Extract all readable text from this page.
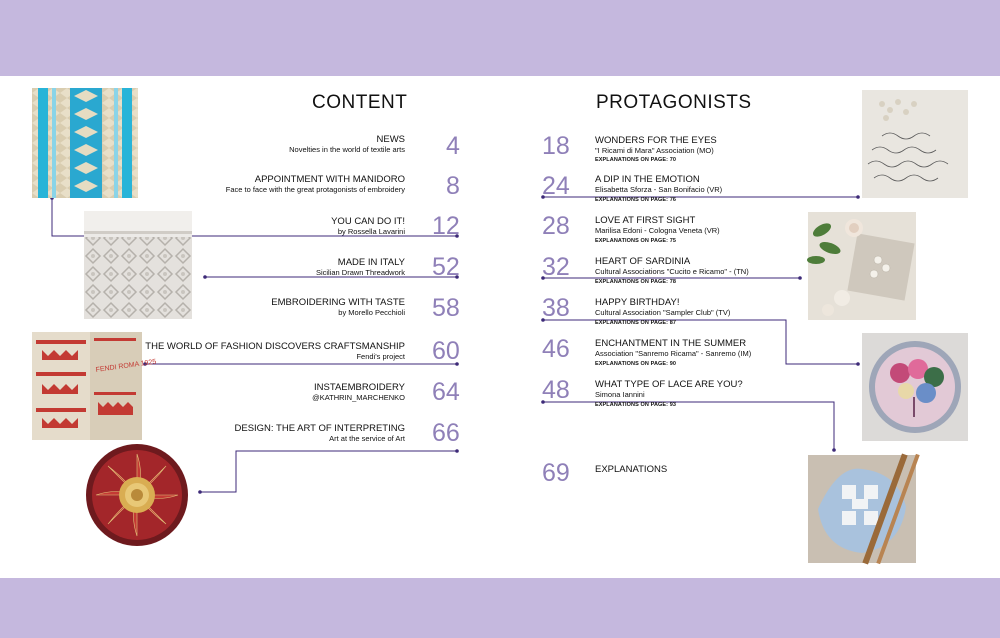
CONTENT	PROTAGONISTS
NEWS
Novelties in the world of textile arts 4
APPOINTMENT WITH MANIDORO
Face to face with the great protagonists of embroidery 8
YOU CAN DO IT!
by Rossella Lavarini 12
MADE IN ITALY
Sicilian Drawn Threadwork 52
EMBROIDERING WITH TASTE
by Morello Pecchioli 58
THE WORLD OF FASHION DISCOVERS CRAFTSMANSHIP
Fendi's project 60
INSTAEMBROIDERY
@KATHRIN_MARCHENKO 64
DESIGN: THE ART OF INTERPRETING
Art at the service of Art 66
18	WONDERS FOR THE EYES
"I Ricami di Mara" Association (MO)
EXPLANATIONS ON PAGE: 70
24	A DIP IN THE EMOTION
Elisabetta Sforza - San Bonifacio (VR)
EXPLANATIONS ON PAGE: 76
28	LOVE AT FIRST SIGHT
Marilisa Edoni - Cologna Veneta (VR)
EXPLANATIONS ON PAGE: 75
32	HEART OF SARDINIA
Cultural Associations "Cucito e Ricamo" - (TN)
EXPLANATIONS ON PAGE: 78
38	HAPPY BIRTHDAY!
Cultural Association "Sampler Club" (TV)
EXPLANATIONS ON PAGE: 87
46	ENCHANTMENT IN THE SUMMER
Association "Sanremo Ricama" - Sanremo (IM)
EXPLANATIONS ON PAGE: 90
48	WHAT TYPE OF LACE ARE YOU?
Simona Iannini
EXPLANATIONS ON PAGE: 93
69	EXPLANATIONS
FENDI ROMA 1925
